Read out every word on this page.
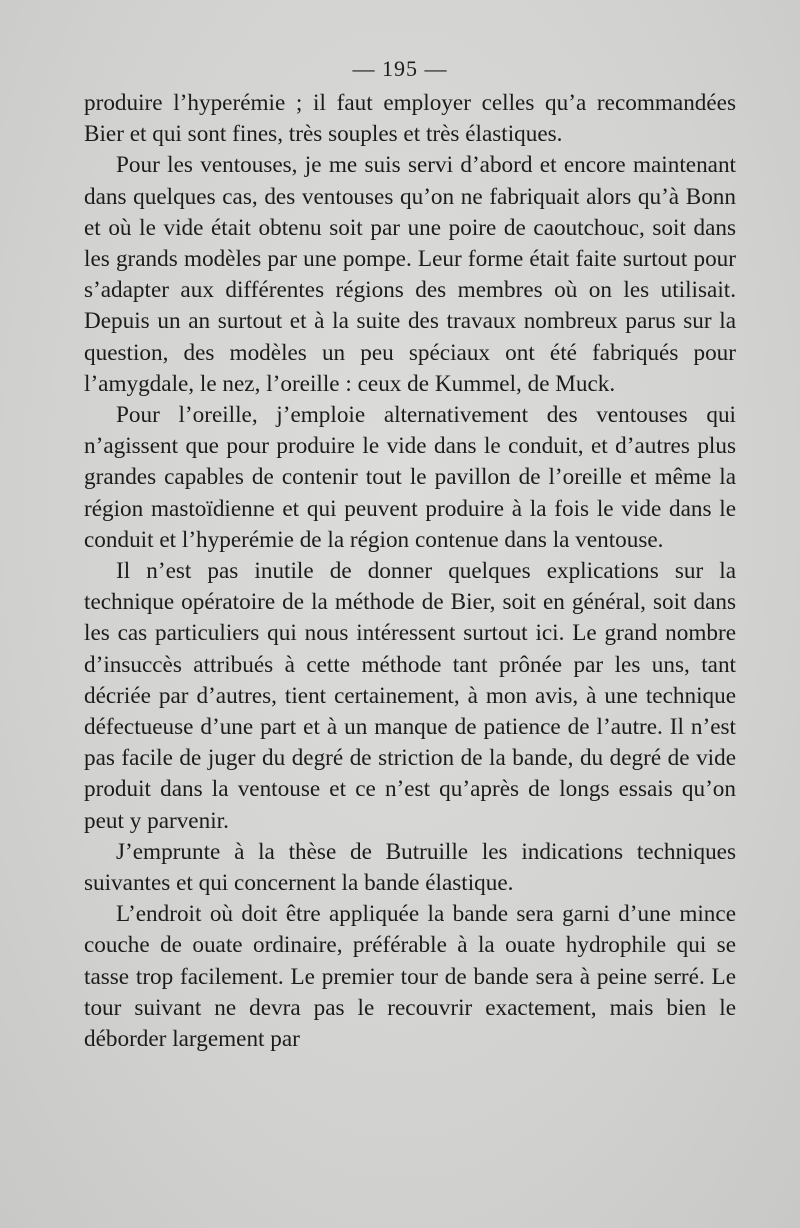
— 195 —

produire l’hyperémie ; il faut employer celles qu’a recommandées Bier et qui sont fines, très souples et très élastiques.

Pour les ventouses, je me suis servi d’abord et encore maintenant dans quelques cas, des ventouses qu’on ne fabriquait alors qu’à Bonn et où le vide était obtenu soit par une poire de caoutchouc, soit dans les grands modèles par une pompe. Leur forme était faite surtout pour s’adapter aux différentes régions des membres où on les utilisait. Depuis un an surtout et à la suite des travaux nombreux parus sur la question, des modèles un peu spéciaux ont été fabriqués pour l’amygdale, le nez, l’oreille : ceux de Kummel, de Muck.

Pour l’oreille, j’emploie alternativement des ventouses qui n’agissent que pour produire le vide dans le conduit, et d’autres plus grandes capables de contenir tout le pavillon de l’oreille et même la région mastoïdienne et qui peuvent produire à la fois le vide dans le conduit et l’hyperémie de la région contenue dans la ventouse.

Il n’est pas inutile de donner quelques explications sur la technique opératoire de la méthode de Bier, soit en général, soit dans les cas particuliers qui nous intéressent surtout ici. Le grand nombre d’insuccès attribués à cette méthode tant prônée par les uns, tant décriée par d’autres, tient certainement, à mon avis, à une technique défectueuse d’une part et à un manque de patience de l’autre. Il n’est pas facile de juger du degré de striction de la bande, du degré de vide produit dans la ventouse et ce n’est qu’après de longs essais qu’on peut y parvenir.

J’emprunte à la thèse de Butruille les indications techniques suivantes et qui concernent la bande élastique.

L’endroit où doit être appliquée la bande sera garni d’une mince couche de ouate ordinaire, préférable à la ouate hydrophile qui se tasse trop facilement. Le premier tour de bande sera à peine serré. Le tour suivant ne devra pas le recouvrir exactement, mais bien le déborder largement par
